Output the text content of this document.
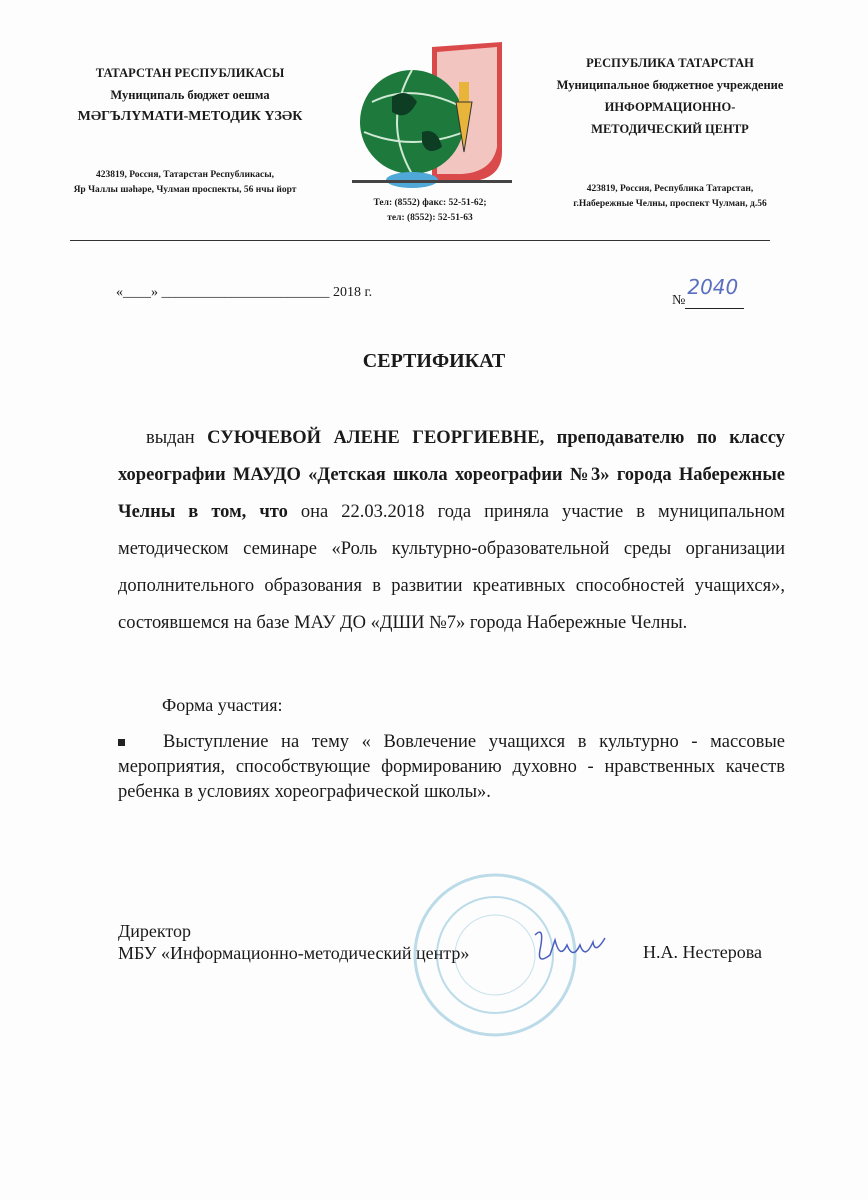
ТАТАРСТАН РЕСПУБЛИКАСЫ
Муниципаль бюджет оешма
МӘГЪЛҮМАТИ-МЕТОДИК ҮЗӘК
423819, Россия, Татарстан Республикасы,
Яр Чаллы шәһәре, Чулман проспекты, 56 нчы йорт
Тел: (8552) факс: 52-51-62;
тел: (8552): 52-51-63
РЕСПУБЛИКА ТАТАРСТАН
Муниципальное бюджетное учреждение
ИНФОРМАЦИОННО-
МЕТОДИЧЕСКИЙ ЦЕНТР
423819, Россия, Республика Татарстан,
г.Набережные Челны, проспект Чулман, д.56
«____» ________________________ 2018 г.
№2040
СЕРТИФИКАТ
выдан СУЮЧЕВОЙ АЛЕНЕ ГЕОРГИЕВНЕ, преподавателю по классу хореографии МАУДО «Детская школа хореографии №3» города Набережные Челны в том, что она 22.03.2018 года приняла участие в муниципальном методическом семинаре «Роль культурно-образовательной среды организации дополнительного образования в развитии креативных способностей учащихся», состоявшемся на базе МАУ ДО «ДШИ №7» города Набережные Челны.
Форма участия:
Выступление на тему « Вовлечение учащихся в культурно - массовые мероприятия, способствующие формированию духовно - нравственных качеств ребенка в условиях хореографической школы».
Директор
МБУ «Информационно-методический центр»	Н.А. Нестерова
